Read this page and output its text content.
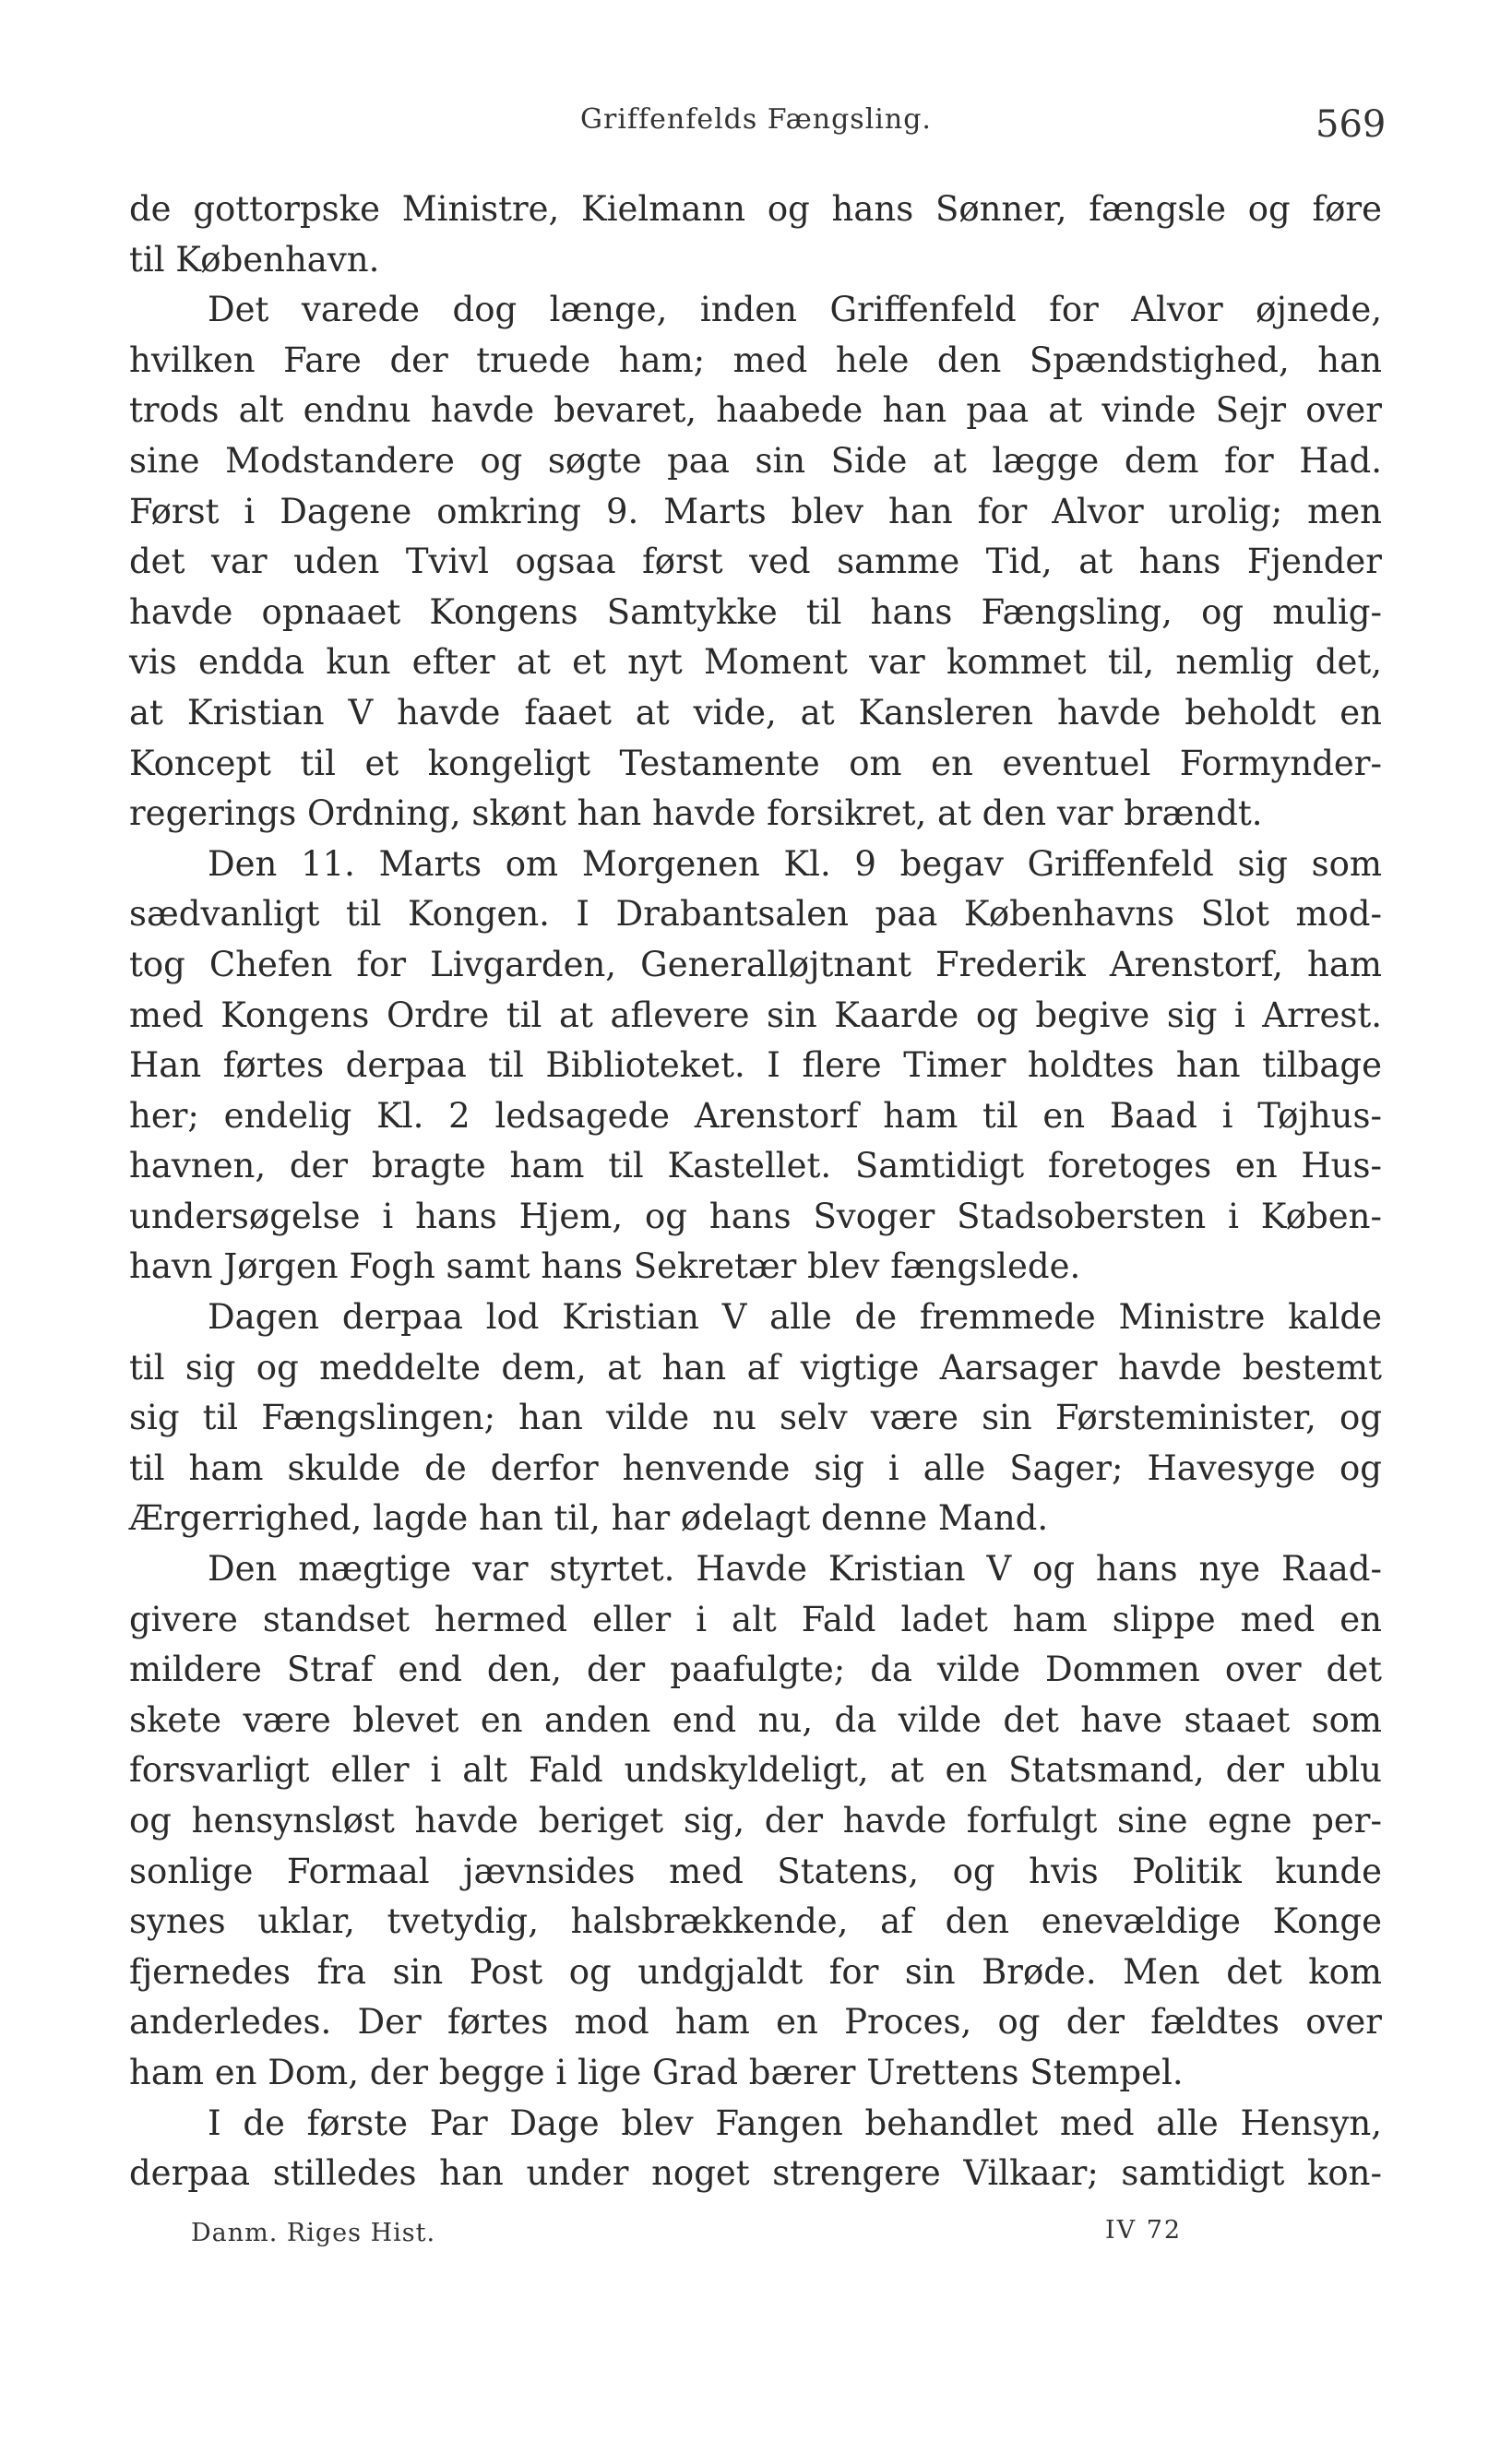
Griffenfelds Fængsling.	569
de gottorpske Ministre, Kielmann og hans Sønner, fængsle og føre
til København.
Det varede dog længe, inden Griffenfeld for Alvor øjnede,
hvilken Fare der truede ham; med hele den Spændstighed, han
trods alt endnu havde bevaret, haabede han paa at vinde Sejr over
sine Modstandere og søgte paa sin Side at lægge dem for Had.
Først i Dagene omkring 9. Marts blev han for Alvor urolig; men
det var uden Tvivl ogsaa først ved samme Tid, at hans Fjender
havde opnaaet Kongens Samtykke til hans Fængsling, og mulig-
vis endda kun efter at et nyt Moment var kommet til, nemlig det,
at Kristian V havde faaet at vide, at Kansleren havde beholdt en
Koncept til et kongeligt Testamente om en eventuel Formynder-
regerings Ordning, skønt han havde forsikret, at den var brændt.
Den 11. Marts om Morgenen Kl. 9 begav Griffenfeld sig som
sædvanligt til Kongen. I Drabantsalen paa Københavns Slot mod-
tog Chefen for Livgarden, Generalløjtnant Frederik Arenstorf, ham
med Kongens Ordre til at aflevere sin Kaarde og begive sig i Arrest.
Han førtes derpaa til Biblioteket. I flere Timer holdtes han tilbage
her; endelig Kl. 2 ledsagede Arenstorf ham til en Baad i Tøjhus-
havnen, der bragte ham til Kastellet. Samtidigt foretoges en Hus-
undersøgelse i hans Hjem, og hans Svoger Stadsobersten i Køben-
havn Jørgen Fogh samt hans Sekretær blev fængslede.
Dagen derpaa lod Kristian V alle de fremmede Ministre kalde
til sig og meddelte dem, at han af vigtige Aarsager havde bestemt
sig til Fængslingen; han vilde nu selv være sin Førsteminister, og
til ham skulde de derfor henvende sig i alle Sager; Havesyge og
Ærgerrighed, lagde han til, har ødelagt denne Mand.
Den mægtige var styrtet. Havde Kristian V og hans nye Raad-
givere standset hermed eller i alt Fald ladet ham slippe med en
mildere Straf end den, der paafulgte; da vilde Dommen over det
skete være blevet en anden end nu, da vilde det have staaet som
forsvarligt eller i alt Fald undskyldeligt, at en Statsmand, der ublu
og hensynsløst havde beriget sig, der havde forfulgt sine egne per-
sonlige Formaal jævnsides med Statens, og hvis Politik kunde
synes uklar, tvetydig, halsbrækkende, af den enevældige Konge
fjernedes fra sin Post og undgjaldt for sin Brøde. Men det kom
anderledes. Der førtes mod ham en Proces, og der fældtes over
ham en Dom, der begge i lige Grad bærer Urettens Stempel.
I de første Par Dage blev Fangen behandlet med alle Hensyn,
derpaa stilledes han under noget strengere Vilkaar; samtidigt kon-
Danm. Riges Hist.	IV 72
